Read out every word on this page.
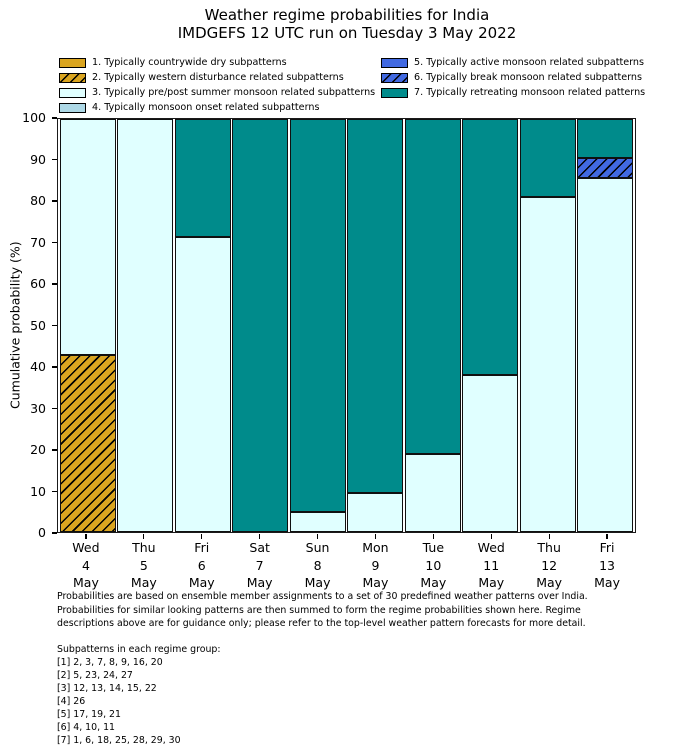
Weather regime probabilities for India
IMDGEFS 12 UTC run on Tuesday 3 May 2022
1. Typically countrywide dry subpatterns
2. Typically western disturbance related subpatterns
3. Typically pre/post summer monsoon related subpatterns
4. Typically monsoon onset related subpatterns
5. Typically active monsoon related subpatterns
6. Typically break monsoon related subpatterns
7. Typically retreating monsoon related patterns
Cumulative probability (%)
0
10
20
30
40
50
60
70
80
90
100
Wed
4
May
Thu
5
May
Fri
6
May
Sat
7
May
Sun
8
May
Mon
9
May
Tue
10
May
Wed
11
May
Thu
12
May
Fri
13
May
Probabilities are based on ensemble member assignments to a set of 30 predefined weather patterns over India.
Probabilities for similar looking patterns are then summed to form the regime probabilities shown here. Regime
descriptions above are for guidance only; please refer to the top-level weather pattern forecasts for more detail.
Subpatterns in each regime group:
[1] 2, 3, 7, 8, 9, 16, 20
[2] 5, 23, 24, 27
[3] 12, 13, 14, 15, 22
[4] 26
[5] 17, 19, 21
[6] 4, 10, 11
[7] 1, 6, 18, 25, 28, 29, 30
